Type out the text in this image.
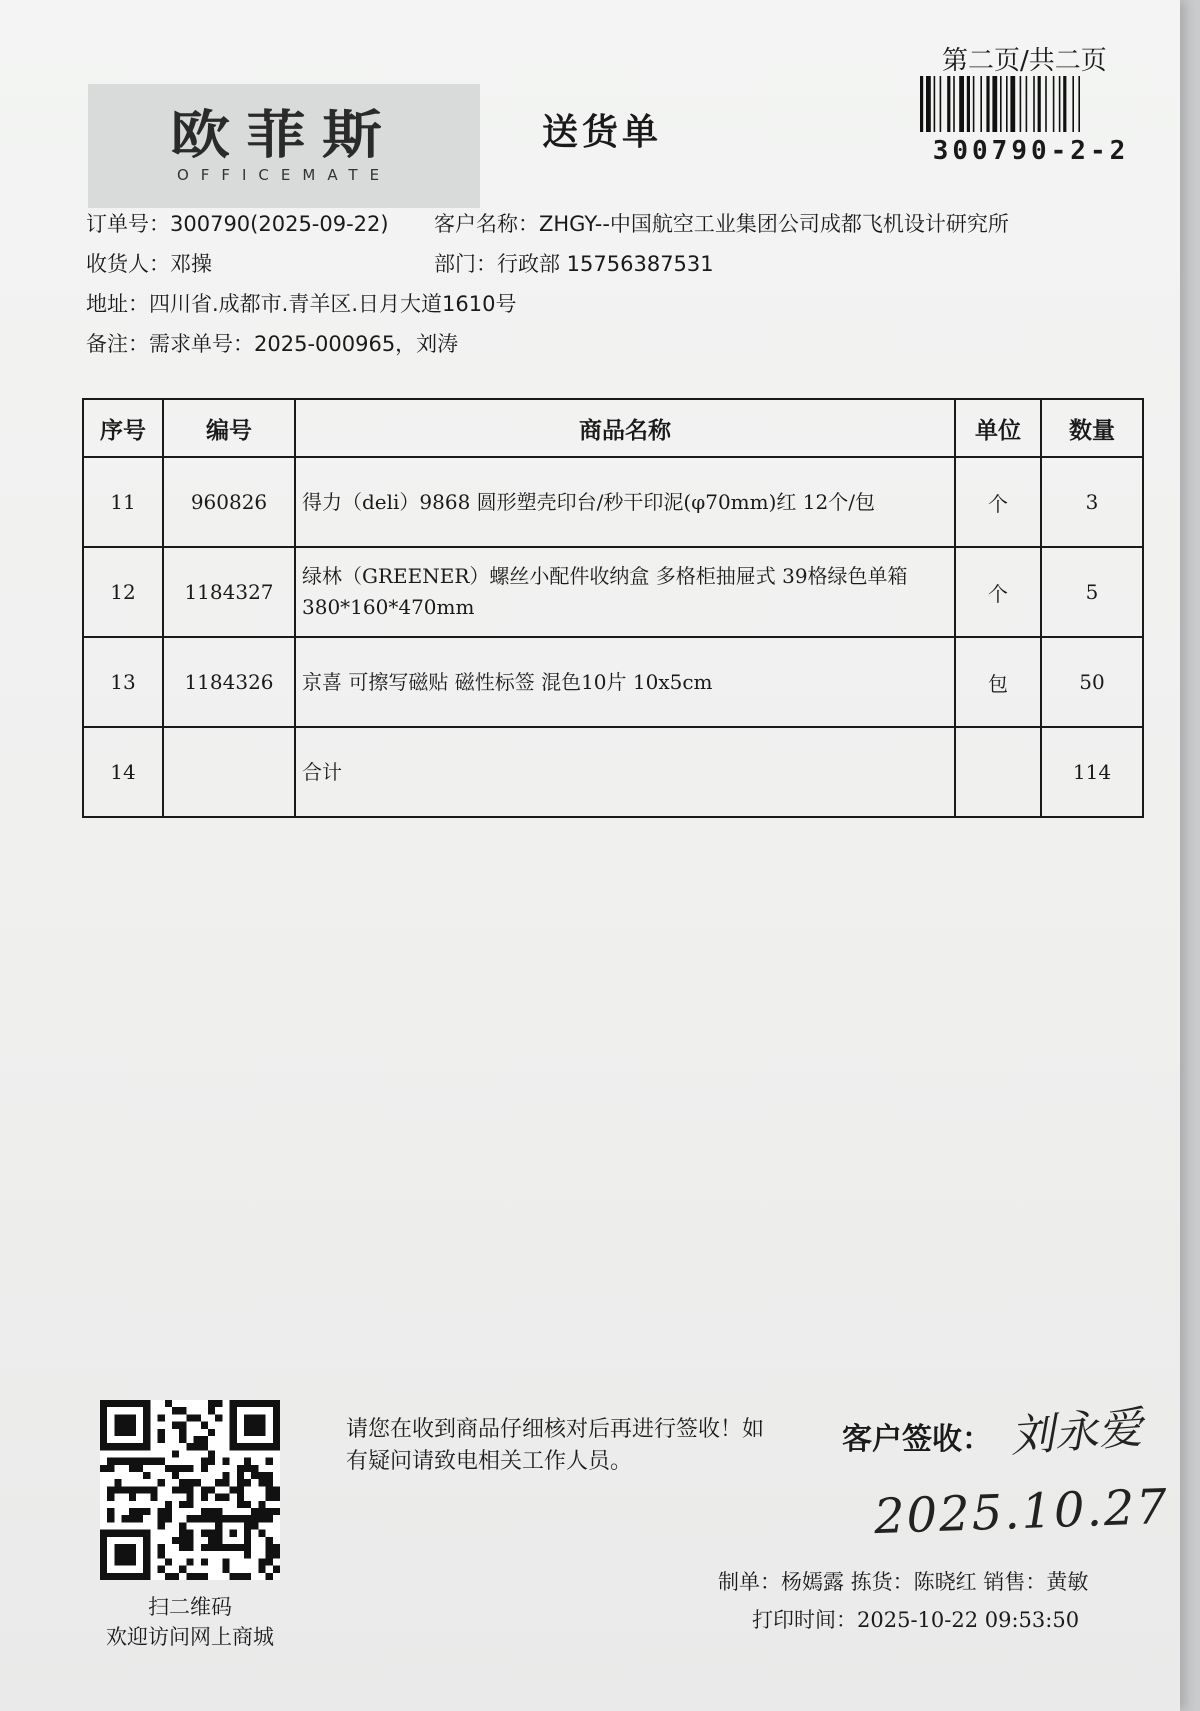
欧菲斯
OFFICEMATE
送货单
第二页/共二页
300790-2-2
订单号：300790(2025-09-22) 客户名称：ZHGY--中国航空工业集团公司成都飞机设计研究所
收货人：邓操	部门：行政部 15756387531
地址：四川省.成都市.青羊区.日月大道1610号
备注：需求单号：2025-000965，刘涛
序号	编号	商品名称	单位	数量
11	960826	得力（deli）9868 圆形塑壳印台/秒干印泥(φ70mm)红 12个/包	个	3
12	1184327	绿林（GREENER）螺丝小配件收纳盒 多格柜抽屉式 39格绿色单箱 380*160*470mm	个	5
13	1184326	京喜 可擦写磁贴 磁性标签 混色10片 10x5cm	包	50
14		合计		114
扫二维码
欢迎访问网上商城
请您在收到商品仔细核对后再进行签收！如有疑问请致电相关工作人员。
客户签收： 刘永爱
2025.10.27
制单：杨嫣露 拣货：陈晓红 销售：黄敏
打印时间：2025-10-22 09:53:50
